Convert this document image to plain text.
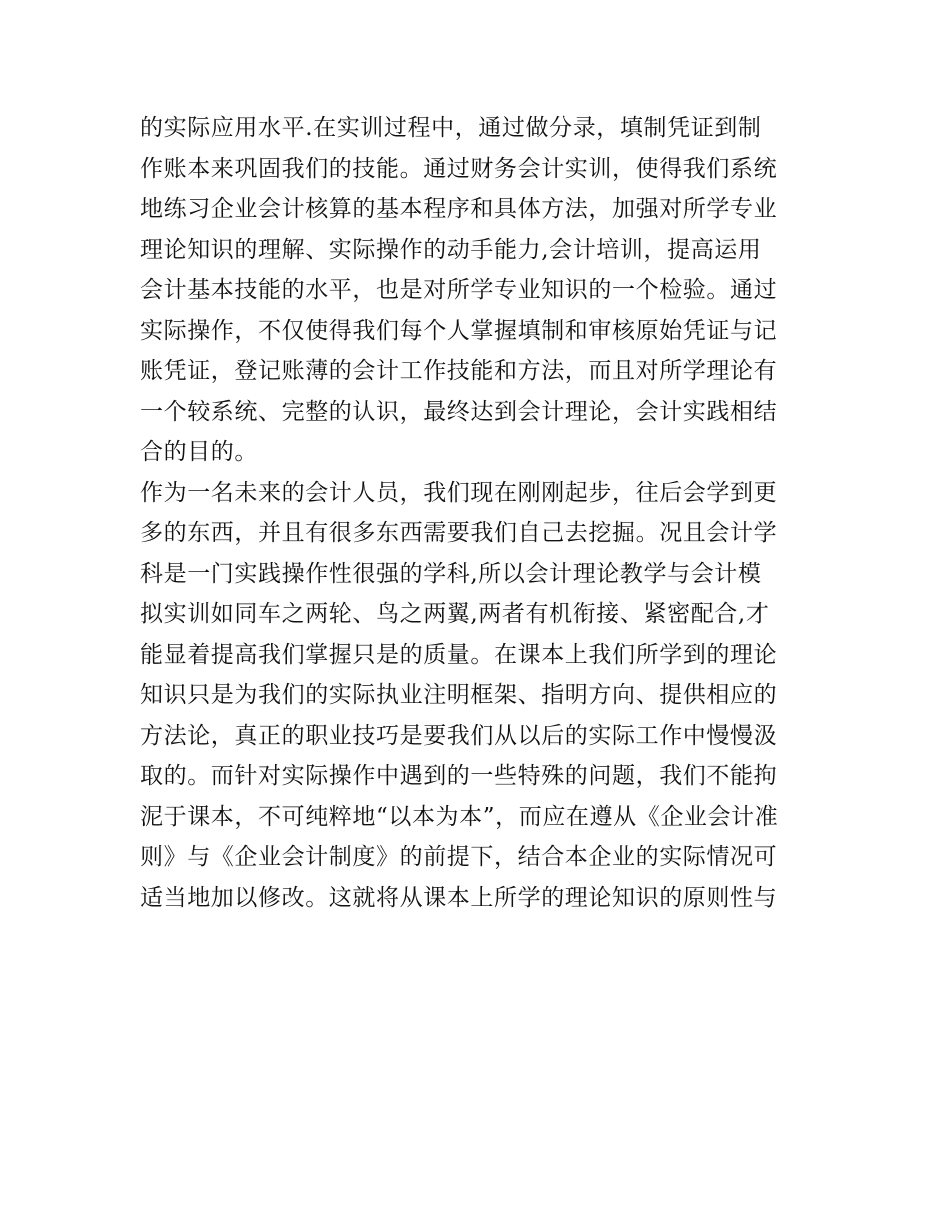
的实际应用水平.在实训过程中，通过做分录，填制凭证到制
作账本来巩固我们的技能。通过财务会计实训，使得我们系统
地练习企业会计核算的基本程序和具体方法，加强对所学专业
理论知识的理解、实际操作的动手能力,会计培训，提高运用
会计基本技能的水平，也是对所学专业知识的一个检验。通过
实际操作，不仅使得我们每个人掌握填制和审核原始凭证与记
账凭证，登记账薄的会计工作技能和方法，而且对所学理论有
一个较系统、完整的认识，最终达到会计理论，会计实践相结
合的目的。
作为一名未来的会计人员，我们现在刚刚起步，往后会学到更
多的东西，并且有很多东西需要我们自己去挖掘。况且会计学
科是一门实践操作性很强的学科,所以会计理论教学与会计模
拟实训如同车之两轮、鸟之两翼,两者有机衔接、紧密配合,才
能显着提高我们掌握只是的质量。在课本上我们所学到的理论
知识只是为我们的实际执业注明框架、指明方向、提供相应的
方法论，真正的职业技巧是要我们从以后的实际工作中慢慢汲
取的。而针对实际操作中遇到的一些特殊的问题，我们不能拘
泥于课本，不可纯粹地“以本为本”，而应在遵从《企业会计准
则》与《企业会计制度》的前提下，结合本企业的实际情况可
适当地加以修改。这就将从课本上所学的理论知识的原则性与
